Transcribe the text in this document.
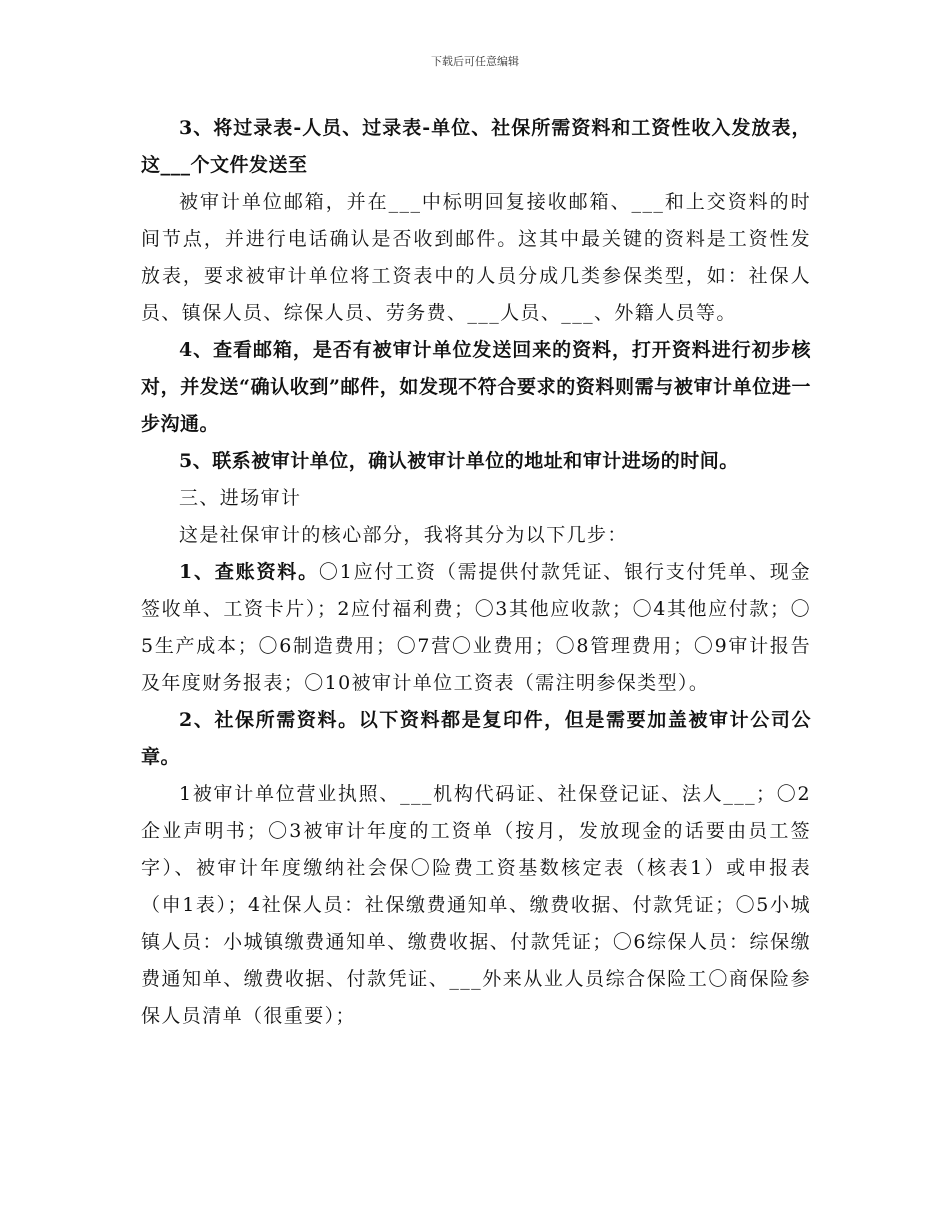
下载后可任意编辑

3、将过录表-人员、过录表-单位、社保所需资料和工资性收入发放表，这___个文件发送至

被审计单位邮箱，并在___中标明回复接收邮箱、___和上交资料的时间节点，并进行电话确认是否收到邮件。这其中最关键的资料是工资性发放表，要求被审计单位将工资表中的人员分成几类参保类型，如：社保人员、镇保人员、综保人员、劳务费、___人员、___、外籍人员等。

4、查看邮箱，是否有被审计单位发送回来的资料，打开资料进行初步核对，并发送“确认收到”邮件，如发现不符合要求的资料则需与被审计单位进一步沟通。

5、联系被审计单位，确认被审计单位的地址和审计进场的时间。

三、进场审计

这是社保审计的核心部分，我将其分为以下几步：

1、查账资料。〇1应付工资（需提供付款凭证、银行支付凭单、现金签收单、工资卡片）；2应付福利费；〇3其他应收款；〇4其他应付款；〇5生产成本；〇6制造费用；〇7营〇业费用；〇8管理费用；〇9审计报告及年度财务报表；〇10被审计单位工资表（需注明参保类型）。

2、社保所需资料。以下资料都是复印件，但是需要加盖被审计公司公章。

1被审计单位营业执照、___机构代码证、社保登记证、法人___；〇2企业声明书；〇3被审计年度的工资单（按月，发放现金的话要由员工签字）、被审计年度缴纳社会保〇险费工资基数核定表（核表1）或申报表（申1表）；4社保人员：社保缴费通知单、缴费收据、付款凭证；〇5小城镇人员：小城镇缴费通知单、缴费收据、付款凭证；〇6综保人员：综保缴费通知单、缴费收据、付款凭证、___外来从业人员综合保险工〇商保险参保人员清单（很重要）；
